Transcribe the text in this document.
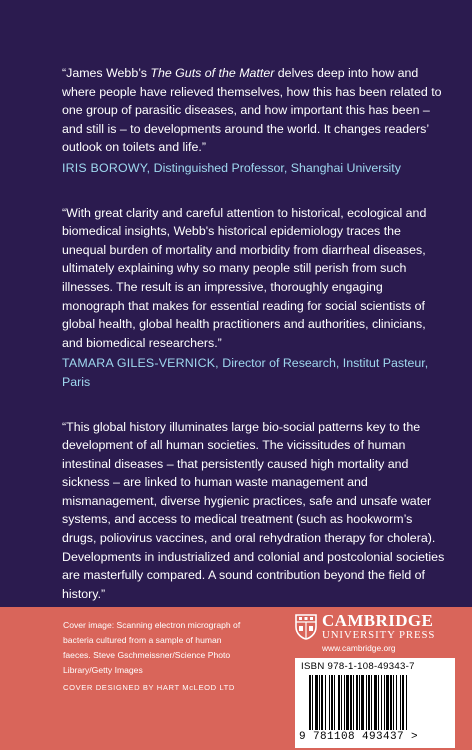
“James Webb’s The Guts of the Matter delves deep into how and where people have relieved themselves, how this has been related to one group of parasitic diseases, and how important this has been – and still is – to developments around the world. It changes readers’ outlook on toilets and life.”

IRIS BOROWY, Distinguished Professor, Shanghai University

“With great clarity and careful attention to historical, ecological and biomedical insights, Webb's historical epidemiology traces the unequal burden of mortality and morbidity from diarrheal diseases, ultimately explaining why so many people still perish from such illnesses. The result is an impressive, thoroughly engaging monograph that makes for essential reading for social scientists of global health, global health practitioners and authorities, clinicians, and biomedical researchers.”

TAMARA GILES-VERNICK, Director of Research, Institut Pasteur, Paris

“This global history illuminates large bio-social patterns key to the development of all human societies. The vicissitudes of human intestinal diseases – that persistently caused high mortality and sickness – are linked to human waste management and mismanagement, diverse hygienic practices, safe and unsafe water systems, and access to medical treatment (such as hookworm’s drugs, poliovirus vaccines, and oral rehydration therapy for cholera). Developments in industrialized and colonial and postcolonial societies are masterfully compared. A sound contribution beyond the field of history.”

Cover image: Scanning electron micrograph of bacteria cultured from a sample of human faeces. Steve Gschmeissner/Science Photo Library/Getty Images

COVER DESIGNED BY HART McLEOD LTD

CAMBRIDGE
UNIVERSITY PRESS
www.cambridge.org
ISBN 978-1-108-49343-7
9 781108 493437 >
